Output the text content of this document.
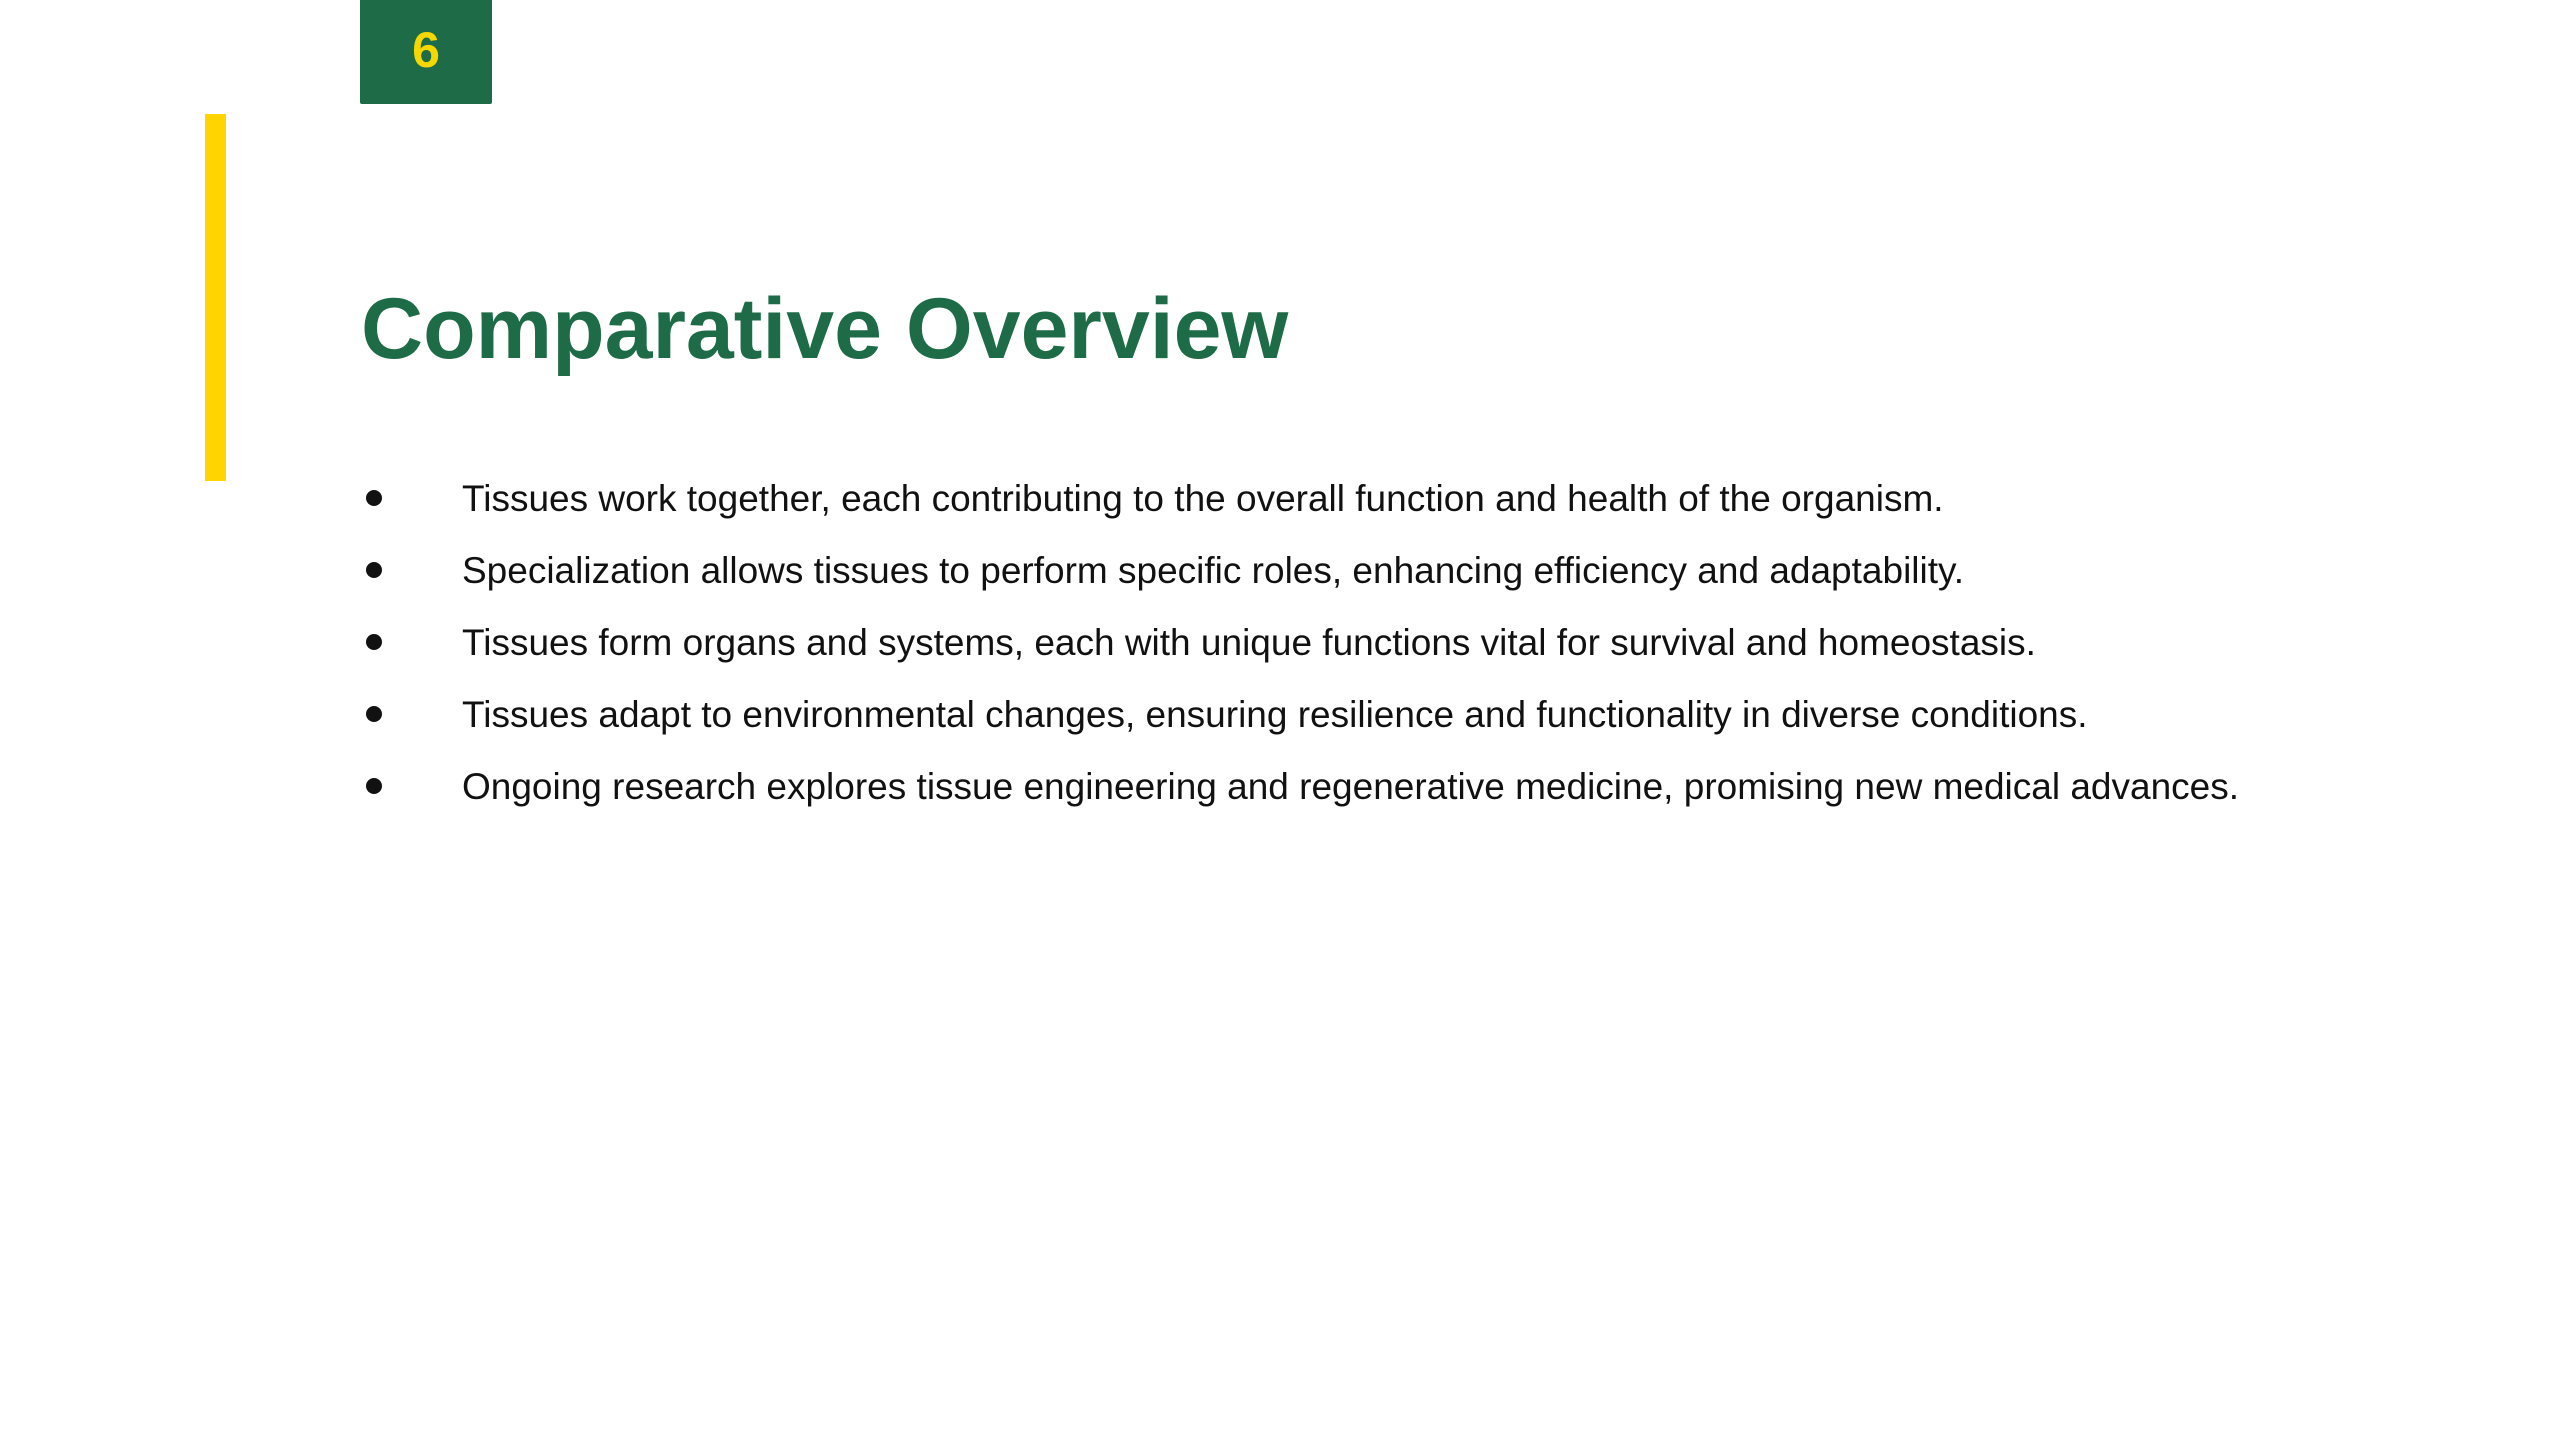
6
Comparative Overview
Tissues work together, each contributing to the overall function and health of the organism.
Specialization allows tissues to perform specific roles, enhancing efficiency and adaptability.
Tissues form organs and systems, each with unique functions vital for survival and homeostasis.
Tissues adapt to environmental changes, ensuring resilience and functionality in diverse conditions.
Ongoing research explores tissue engineering and regenerative medicine, promising new medical advances.
